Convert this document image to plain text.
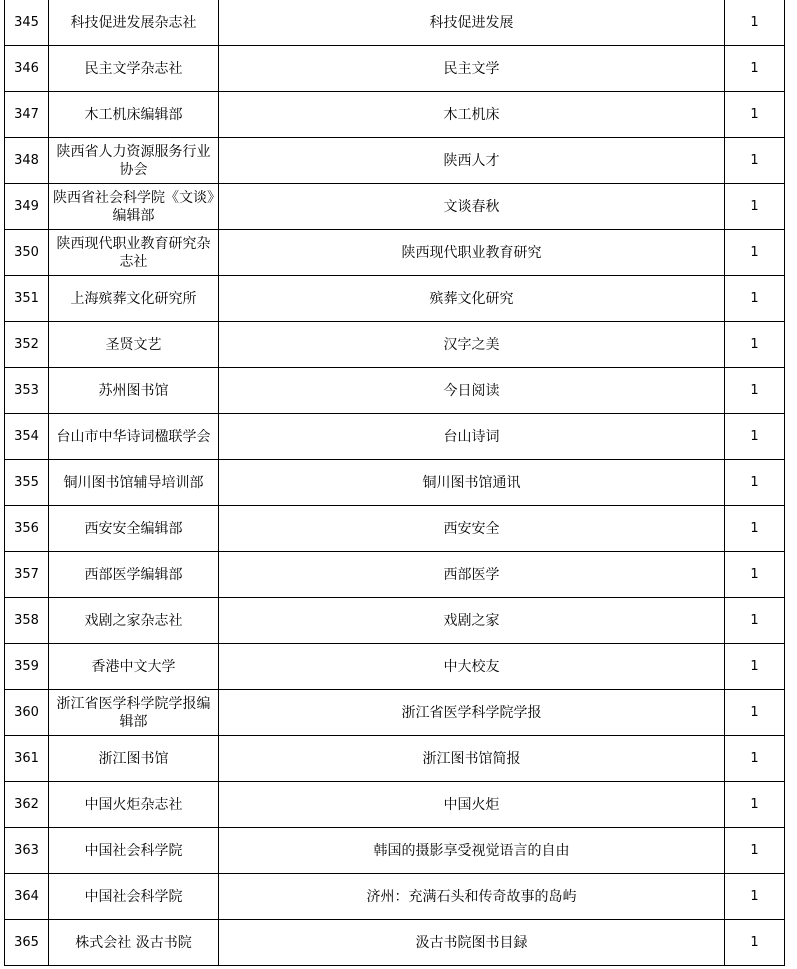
345	科技促进发展杂志社	科技促进发展	1
346	民主文学杂志社	民主文学	1
347	木工机床编辑部	木工机床	1
348	陕西省人力资源服务行业协会	陕西人才	1
349	陕西省社会科学院《文谈》编辑部	文谈春秋	1
350	陕西现代职业教育研究杂志社	陕西现代职业教育研究	1
351	上海殡葬文化研究所	殡葬文化研究	1
352	圣贤文艺	汉字之美	1
353	苏州图书馆	今日阅读	1
354	台山市中华诗词楹联学会	台山诗词	1
355	铜川图书馆辅导培训部	铜川图书馆通讯	1
356	西安安全编辑部	西安安全	1
357	西部医学编辑部	西部医学	1
358	戏剧之家杂志社	戏剧之家	1
359	香港中文大学	中大校友	1
360	浙江省医学科学院学报编辑部	浙江省医学科学院学报	1
361	浙江图书馆	浙江图书馆简报	1
362	中国火炬杂志社	中国火炬	1
363	中国社会科学院	韩国的摄影享受视觉语言的自由	1
364	中国社会科学院	济州：充满石头和传奇故事的岛屿	1
365	株式会社 汲古书院	汲古书院图书目録	1
